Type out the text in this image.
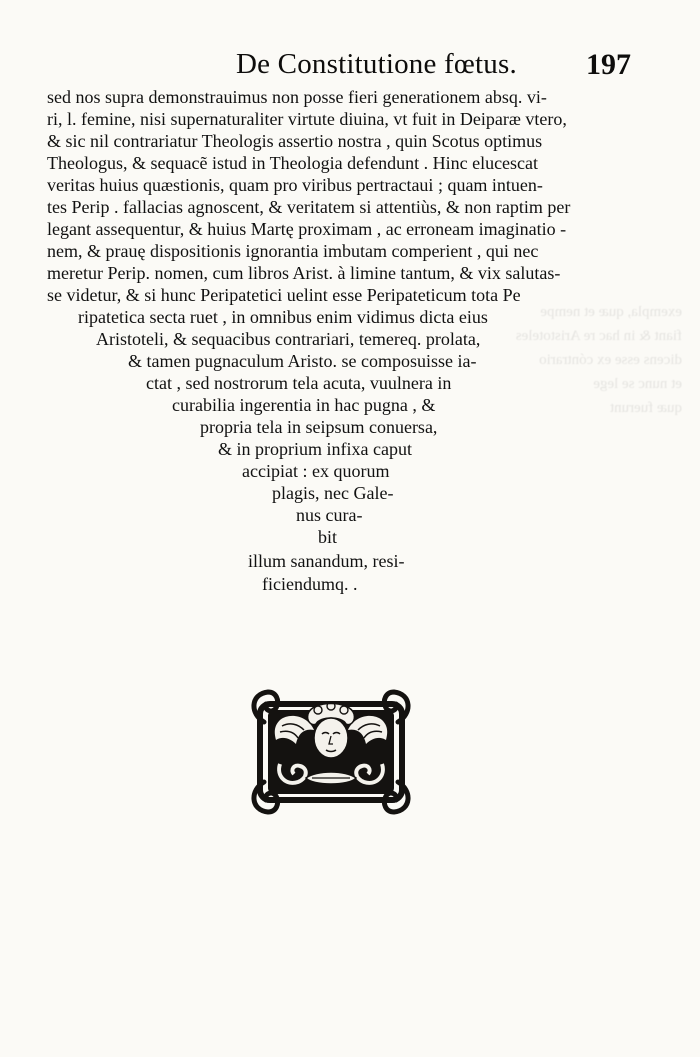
exempla, quæ et nempe
fiant & in hac re Aristoteles
dicens esse ex cóntrario
et nunc se lege
quæ fuerunt

De Constitutione fœtus. 197
sed nos supra demonstrauimus non posse fieri generationem absq. vi-
ri, l. femine, nisi supernaturaliter virtute diuina, vt fuit in Deiparæ vtero,
& sic nil contrariatur Theologis assertio nostra , quin Scotus optimus
Theologus, & sequacẽ istud in Theologia defendunt . Hinc elucescat
veritas huius quæstionis, quam pro viribus pertractaui ; quam intuen-
tes Perip . fallacias agnoscent, & veritatem si attentiùs, & non raptim per
legant assequentur, & huius Martę proximam , ac erroneam imaginatio -
nem, & prauę dispositionis ignorantia imbutam comperient , qui nec
meretur Perip. nomen, cum libros Arist. à limine tantum, & vix salutas-
se videtur, & si hunc Peripatetici uelint esse Peripateticum tota Pe
ripatetica secta ruet , in omnibus enim vidimus dicta eius
Aristoteli, & sequacibus contrariari, temereq. prolata,
& tamen pugnaculum Aristo. se composuisse ia-
ctat , sed nostrorum tela acuta, vuulnera in
curabilia ingerentia in hac pugna , &
propria tela in seipsum conuersa,
& in proprium infixa caput
accipiat : ex quorum
plagis, nec Gale-
nus cura-
bit
illum sanandum, resi-
ficiendumq. .
